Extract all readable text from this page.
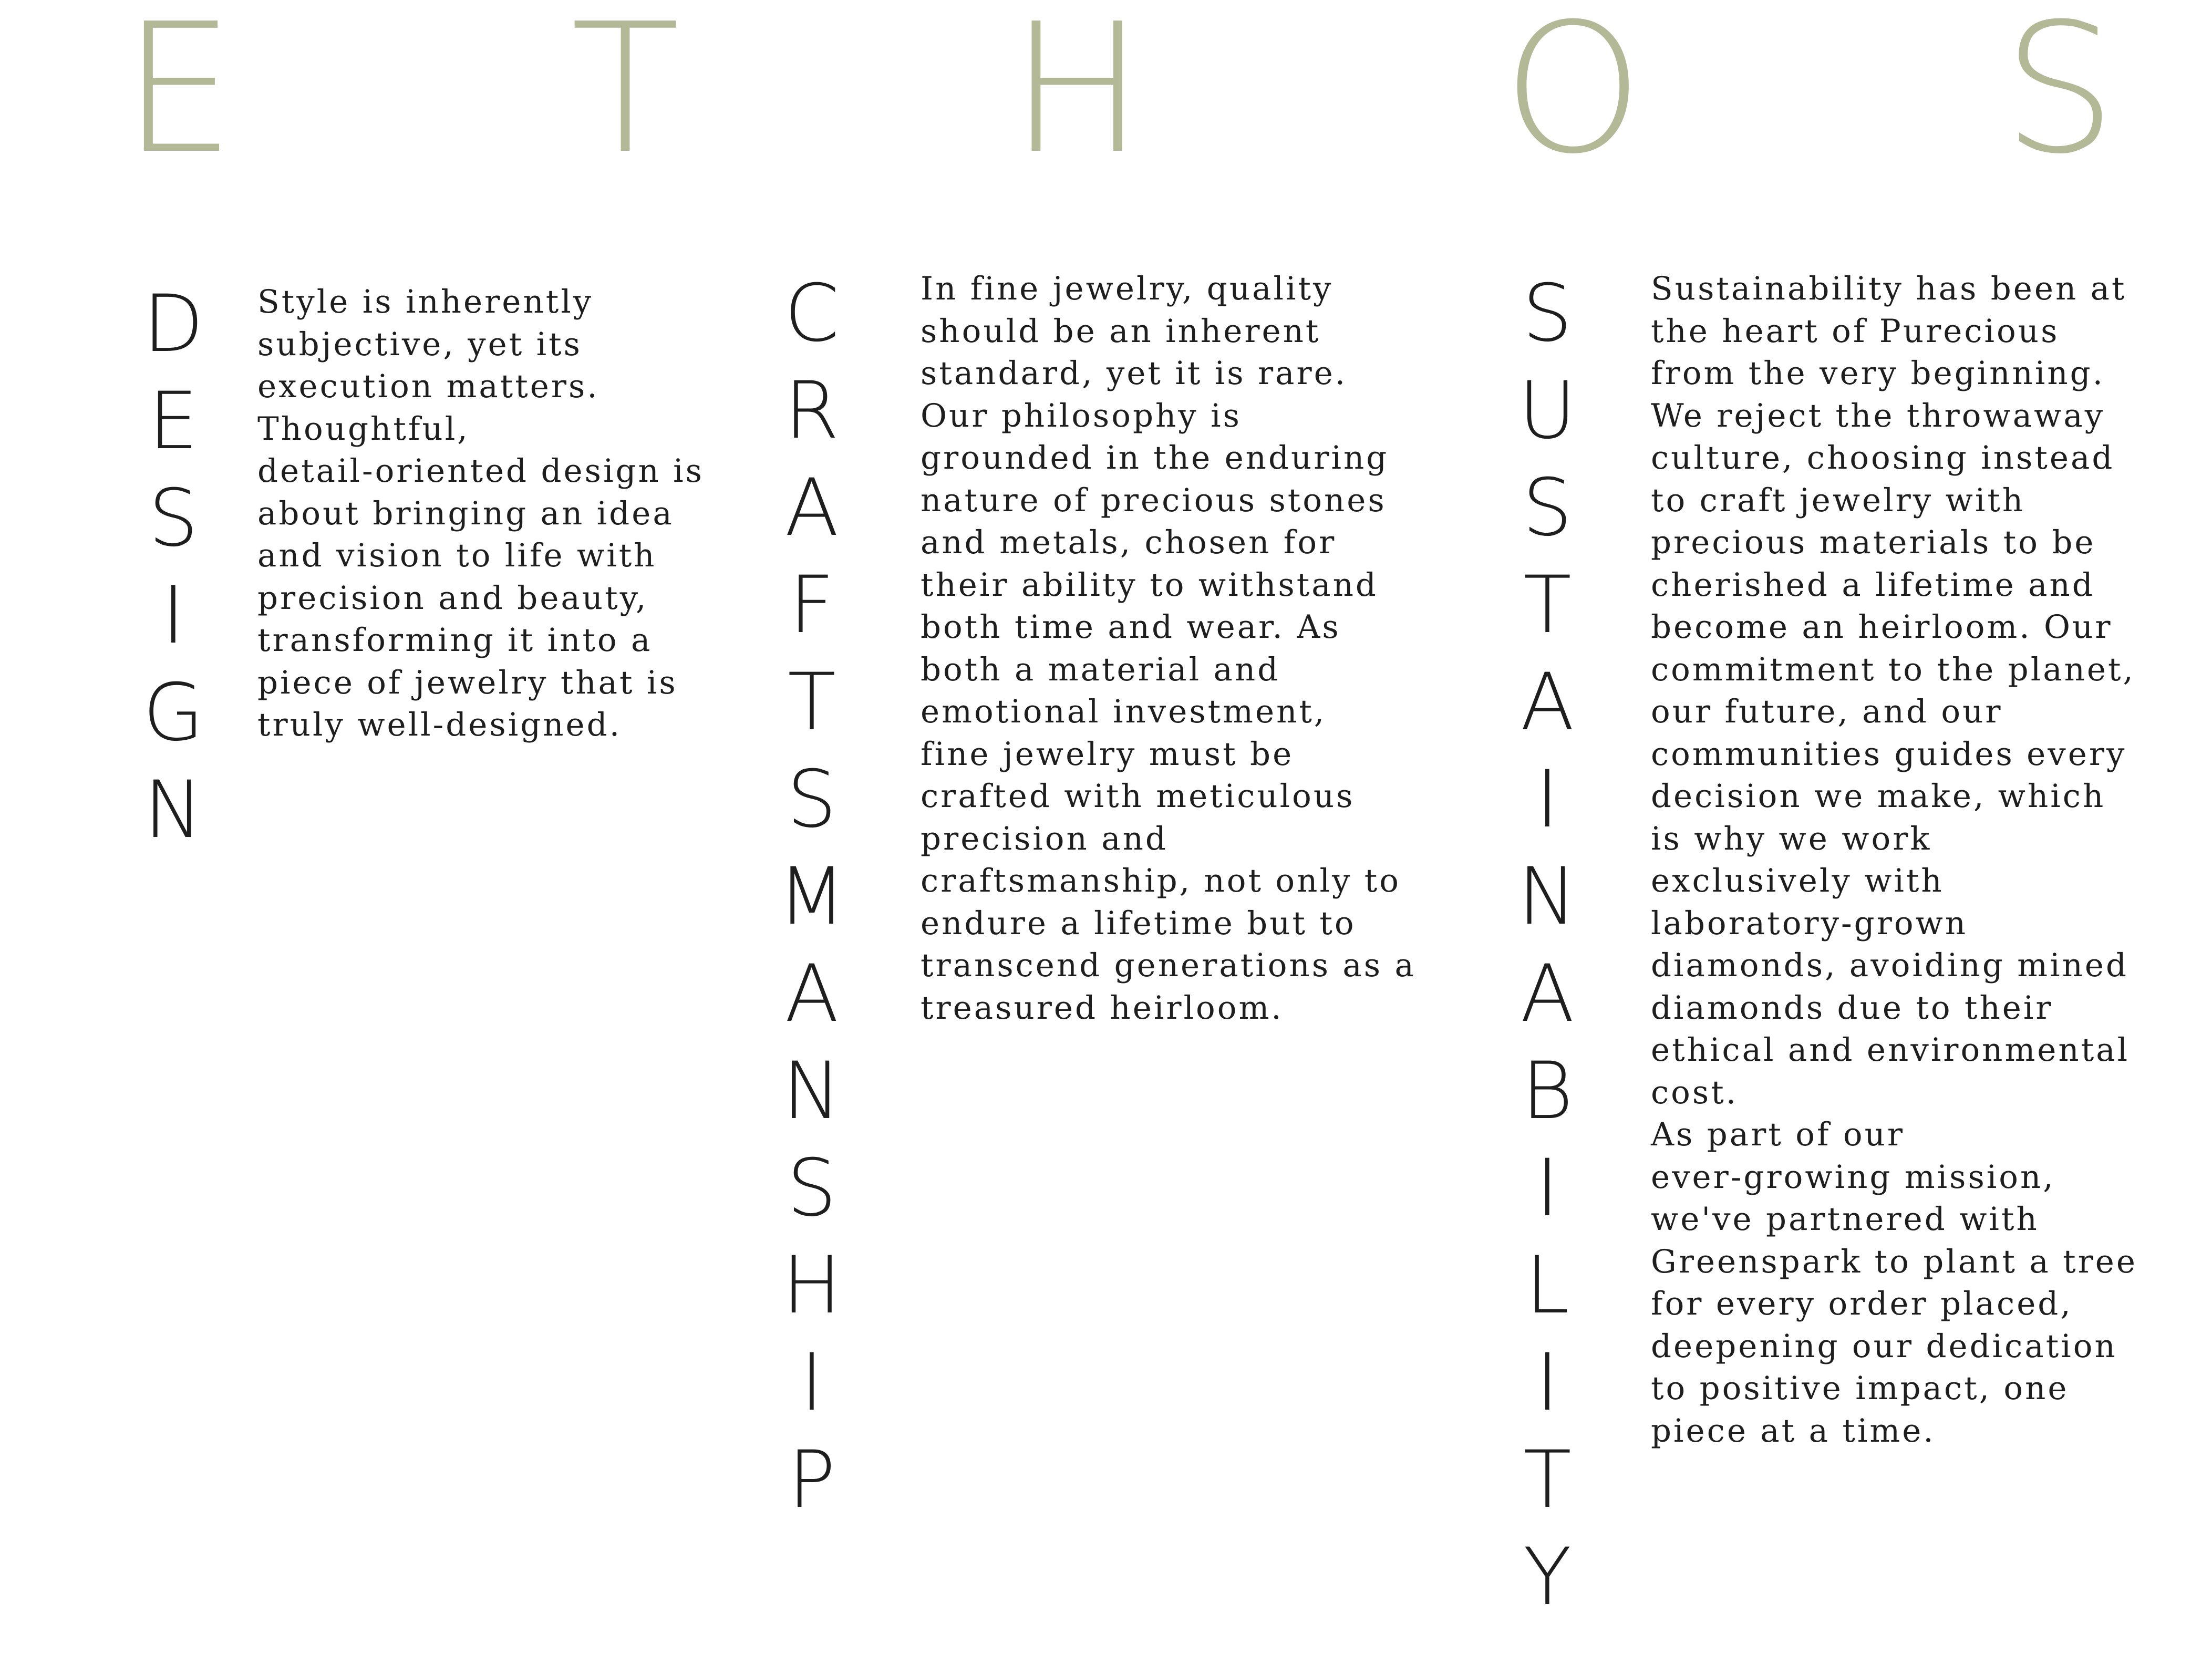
E T H O S
D
E
S
I
G
N
Style is inherently
subjective, yet its
execution matters.
Thoughtful,
detail-oriented design is
about bringing an idea
and vision to life with
precision and beauty,
transforming it into a
piece of jewelry that is
truly well-designed.
C
R
A
F
T
S
M
A
N
S
H
I
P
In fine jewelry, quality
should be an inherent
standard, yet it is rare.
Our philosophy is
grounded in the enduring
nature of precious stones
and metals, chosen for
their ability to withstand
both time and wear. As
both a material and
emotional investment,
fine jewelry must be
crafted with meticulous
precision and
craftsmanship, not only to
endure a lifetime but to
transcend generations as a
treasured heirloom.
S
U
S
T
A
I
N
A
B
I
L
I
T
Y
Sustainability has been at
the heart of Purecious
from the very beginning.
We reject the throwaway
culture, choosing instead
to craft jewelry with
precious materials to be
cherished a lifetime and
become an heirloom. Our
commitment to the planet,
our future, and our
communities guides every
decision we make, which
is why we work
exclusively with
laboratory-grown
diamonds, avoiding mined
diamonds due to their
ethical and environmental
cost.
As part of our
ever-growing mission,
we've partnered with
Greenspark to plant a tree
for every order placed,
deepening our dedication
to positive impact, one
piece at a time.
